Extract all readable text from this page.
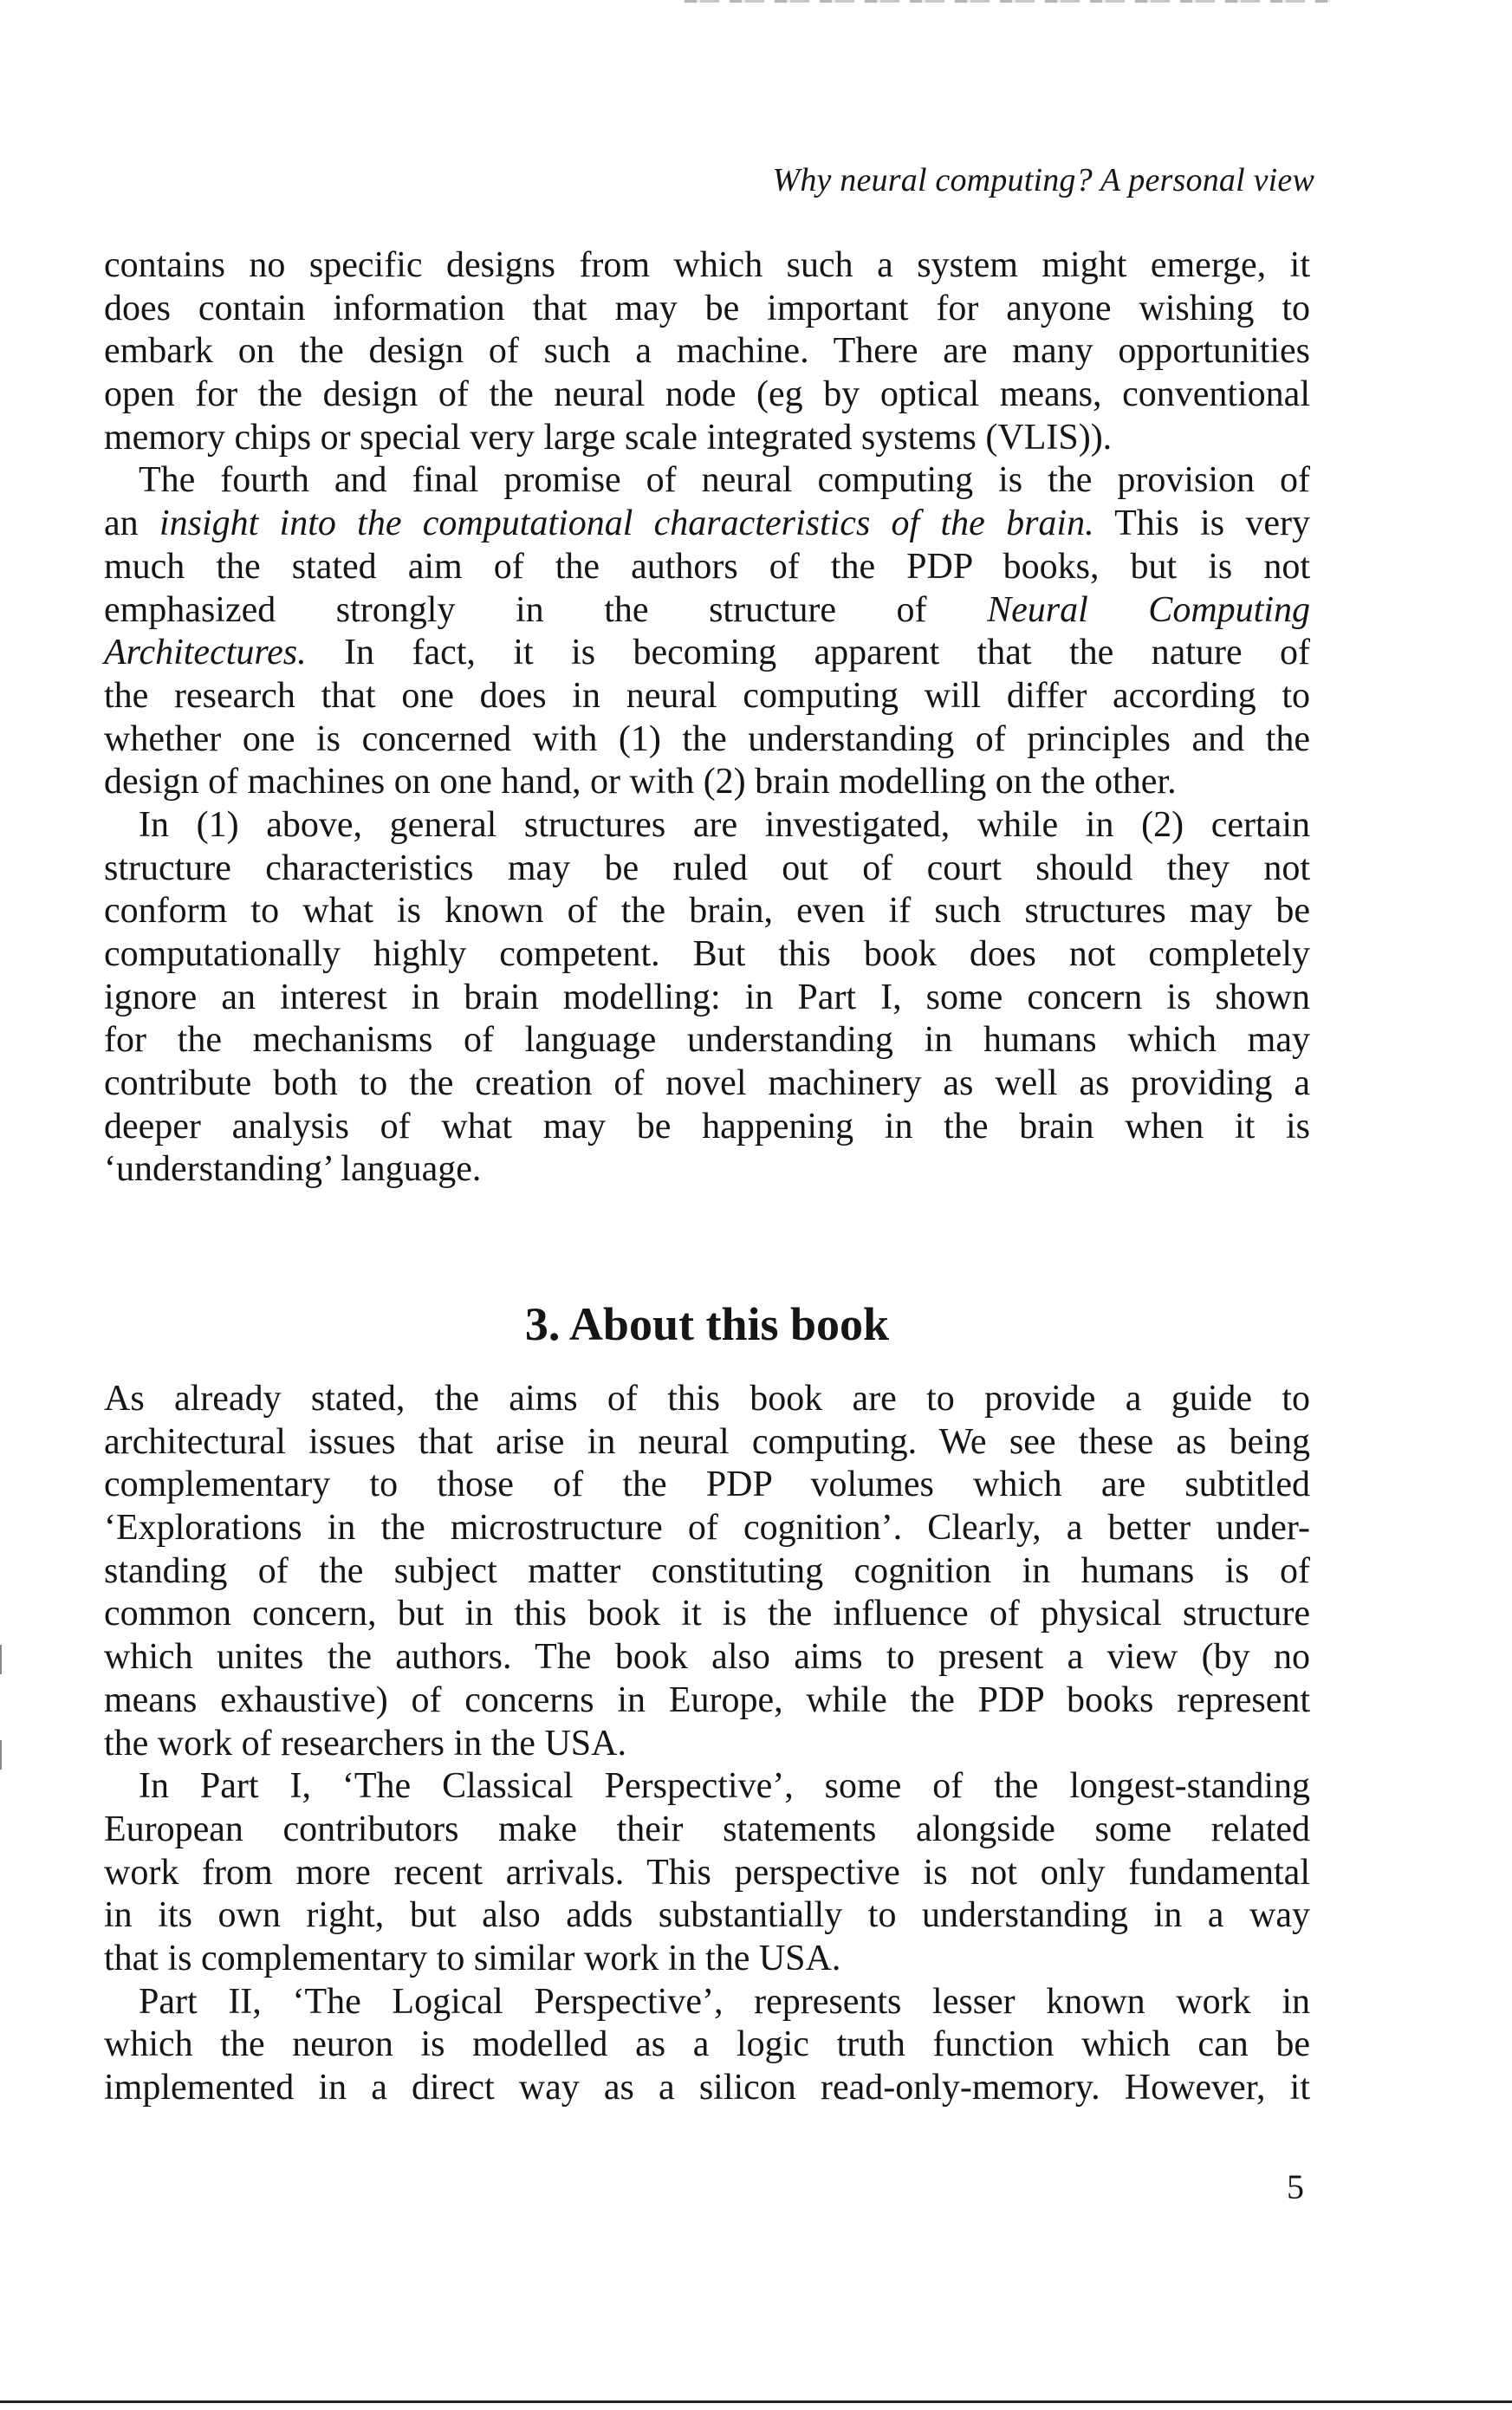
Why neural computing? A personal view
contains no specific designs from which such a system might emerge, it
does contain information that may be important for anyone wishing to
embark on the design of such a machine. There are many opportunities
open for the design of the neural node (eg by optical means, conventional
memory chips or special very large scale integrated systems (VLIS)).
The fourth and final promise of neural computing is the provision of
an insight into the computational characteristics of the brain. This is very
much the stated aim of the authors of the PDP books, but is not
emphasized strongly in the structure of Neural Computing
Architectures. In fact, it is becoming apparent that the nature of
the research that one does in neural computing will differ according to
whether one is concerned with (1) the understanding of principles and the
design of machines on one hand, or with (2) brain modelling on the other.
In (1) above, general structures are investigated, while in (2) certain
structure characteristics may be ruled out of court should they not
conform to what is known of the brain, even if such structures may be
computationally highly competent. But this book does not completely
ignore an interest in brain modelling: in Part I, some concern is shown
for the mechanisms of language understanding in humans which may
contribute both to the creation of novel machinery as well as providing a
deeper analysis of what may be happening in the brain when it is
‘understanding’ language.
3. About this book
As already stated, the aims of this book are to provide a guide to
architectural issues that arise in neural computing. We see these as being
complementary to those of the PDP volumes which are subtitled
‘Explorations in the microstructure of cognition’. Clearly, a better under-
standing of the subject matter constituting cognition in humans is of
common concern, but in this book it is the influence of physical structure
which unites the authors. The book also aims to present a view (by no
means exhaustive) of concerns in Europe, while the PDP books represent
the work of researchers in the USA.
In Part I, ‘The Classical Perspective’, some of the longest-standing
European contributors make their statements alongside some related
work from more recent arrivals. This perspective is not only fundamental
in its own right, but also adds substantially to understanding in a way
that is complementary to similar work in the USA.
Part II, ‘The Logical Perspective’, represents lesser known work in
which the neuron is modelled as a logic truth function which can be
implemented in a direct way as a silicon read-only-memory. However, it
5
